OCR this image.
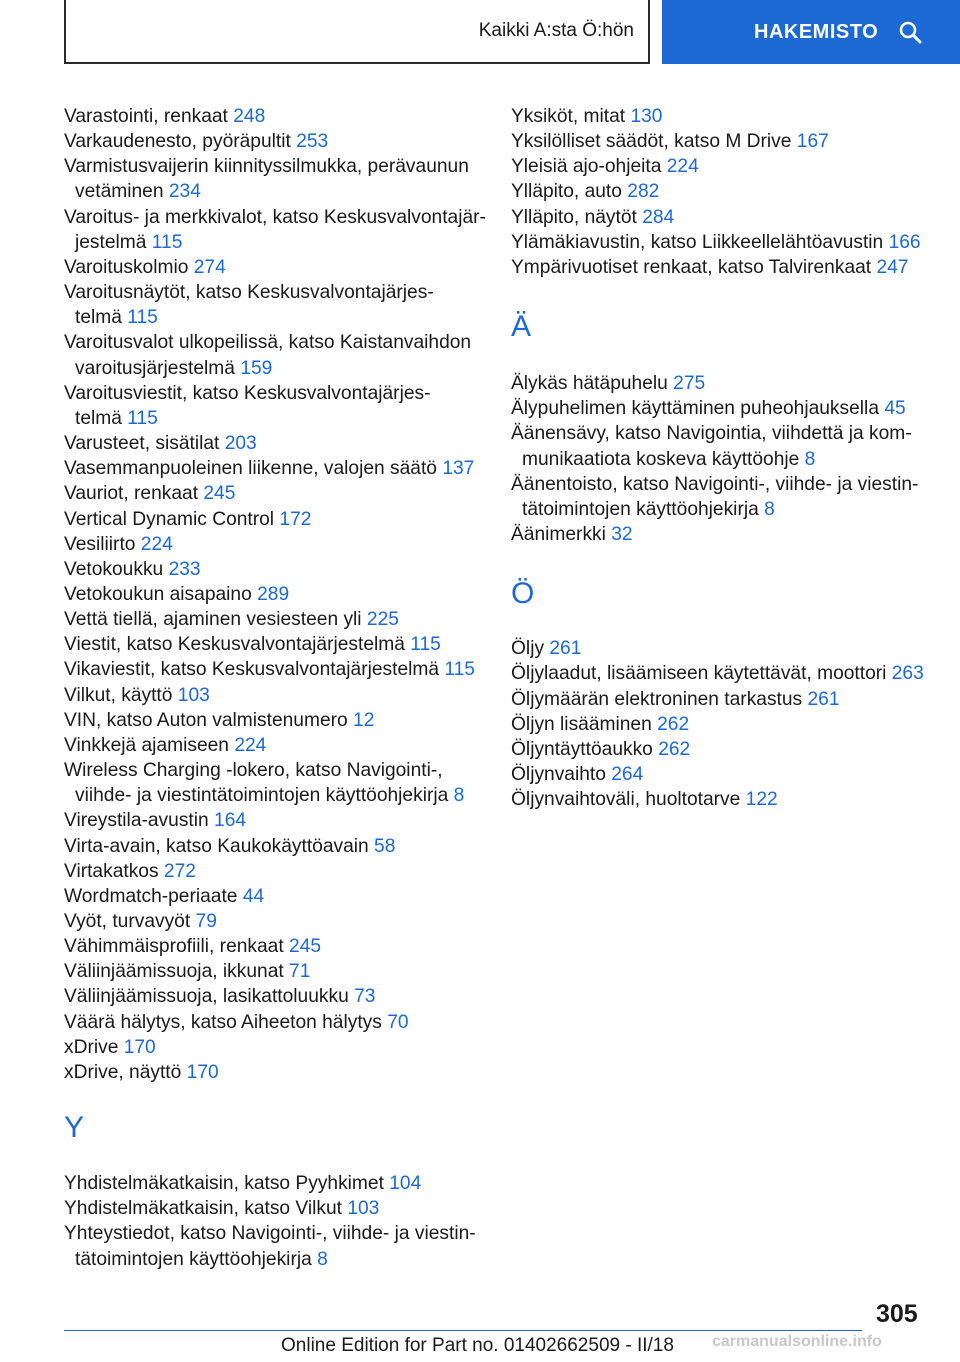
Kaikki A:sta Ö:hön	HAKEMISTO
Varastointi, renkaat 248
Varkaudenesto, pyöräpultit 253
Varmistusvaijerin kiinnityssilmukka, perävaunun
vetäminen 234
Varoitus- ja merkkivalot, katso Keskusvalvontajär-
jestelmä 115
Varoituskolmio 274
Varoitusnäytöt, katso Keskusvalvontajärjes-
telmä 115
Varoitusvalot ulkopeilissä, katso Kaistanvaihdon
varoitusjärjestelmä 159
Varoitusviestit, katso Keskusvalvontajärjes-
telmä 115
Varusteet, sisätilat 203
Vasemmanpuoleinen liikenne, valojen säätö 137
Vauriot, renkaat 245
Vertical Dynamic Control 172
Vesiliirto 224
Vetokoukku 233
Vetokoukun aisapaino 289
Vettä tiellä, ajaminen vesiesteen yli 225
Viestit, katso Keskusvalvontajärjestelmä 115
Vikaviestit, katso Keskusvalvontajärjestelmä 115
Vilkut, käyttö 103
VIN, katso Auton valmistenumero 12
Vinkkejä ajamiseen 224
Wireless Charging -lokero, katso Navigointi-,
viihde- ja viestintätoimintojen käyttöohjekirja 8
Vireystila-avustin 164
Virta-avain, katso Kaukokäyttöavain 58
Virtakatkos 272
Wordmatch-periaate 44
Vyöt, turvavyöt 79
Vähimmäisprofiili, renkaat 245
Väliinjäämissuoja, ikkunat 71
Väliinjäämissuoja, lasikattoluukku 73
Väärä hälytys, katso Aiheeton hälytys 70
xDrive 170
xDrive, näyttö 170
Y
Yhdistelmäkatkaisin, katso Pyyhkimet 104
Yhdistelmäkatkaisin, katso Vilkut 103
Yhteystiedot, katso Navigointi-, viihde- ja viestin-
tätoimintojen käyttöohjekirja 8
Yksiköt, mitat 130
Yksilölliset säädöt, katso M Drive 167
Yleisiä ajo-ohjeita 224
Ylläpito, auto 282
Ylläpito, näytöt 284
Ylämäkiavustin, katso Liikkeellelähtöavustin 166
Ympärivuotiset renkaat, katso Talvirenkaat 247
Ä
Älykäs hätäpuhelu 275
Älypuhelimen käyttäminen puheohjauksella 45
Äänensävy, katso Navigointia, viihdettä ja kom-
munikaatiota koskeva käyttöohje 8
Äänentoisto, katso Navigointi-, viihde- ja viestin-
tätoimintojen käyttöohjekirja 8
Äänimerkki 32
Ö
Öljy 261
Öljylaadut, lisäämiseen käytettävät, moottori 263
Öljymäärän elektroninen tarkastus 261
Öljyn lisääminen 262
Öljyntäyttöaukko 262
Öljynvaihto 264
Öljynvaihtoväli, huoltotarve 122
305
Online Edition for Part no. 01402662509 - II/18 carmanualsonline.info
